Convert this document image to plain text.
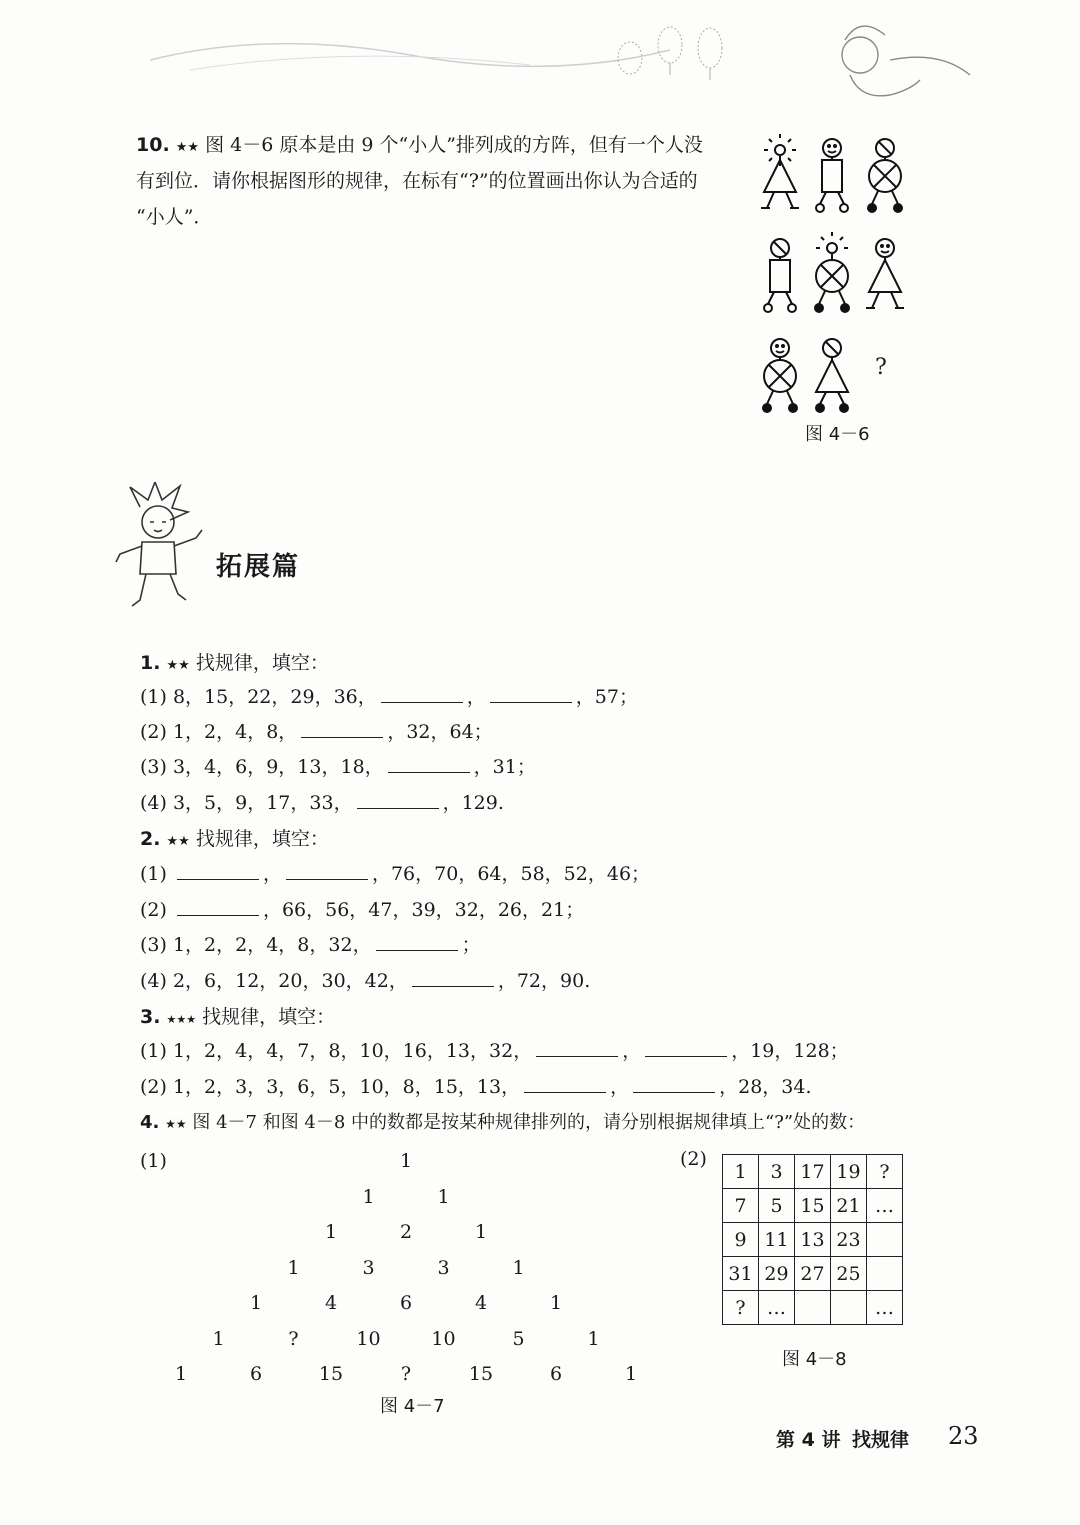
10. ★★ 图 4－6 原本是由 9 个“小人”排列成的方阵，但有一个人没
有到位．请你根据图形的规律，在标有“?”的位置画出你认为合适的
“小人”．
?
图 4－6
拓展篇
1. ★★ 找规律，填空：
(1) 8，15，22，29，36，	，	，57；
(2) 1，2，4，8，	，32，64；
(3) 3，4，6，9，13，18，	，31；
(4) 3，5，9，17，33，	，129.
2. ★★ 找规律，填空：
(1)	，	，76，70，64，58，52，46；
(2)	，66，56，47，39，32，26，21；
(3) 1，2，2，4，8，32，	；
(4) 2，6，12，20，30，42，	，72，90.
3. ★★★ 找规律，填空：
(1) 1，2，4，4，7，8，10，16，13，32，	，	，19，128；
(2) 1，2，3，3，6，5，10，8，15，13，	，	，28，34.
4. ★★ 图 4－7 和图 4－8 中的数都是按某种规律排列的，请分别根据规律填上“?”处的数：
(1)	(2)
1
1	1
1	2	1
1	3	3	1
1	4	6	4	1
1	?	10	10	5	1
1	6	15	?	15	6	1
图 4－7
1	3	17	19	?
7	5	15	21	…
9	11	13	23	
31	29	27	25	
?	…			…
图 4－8
第 4 讲 找规律 23
